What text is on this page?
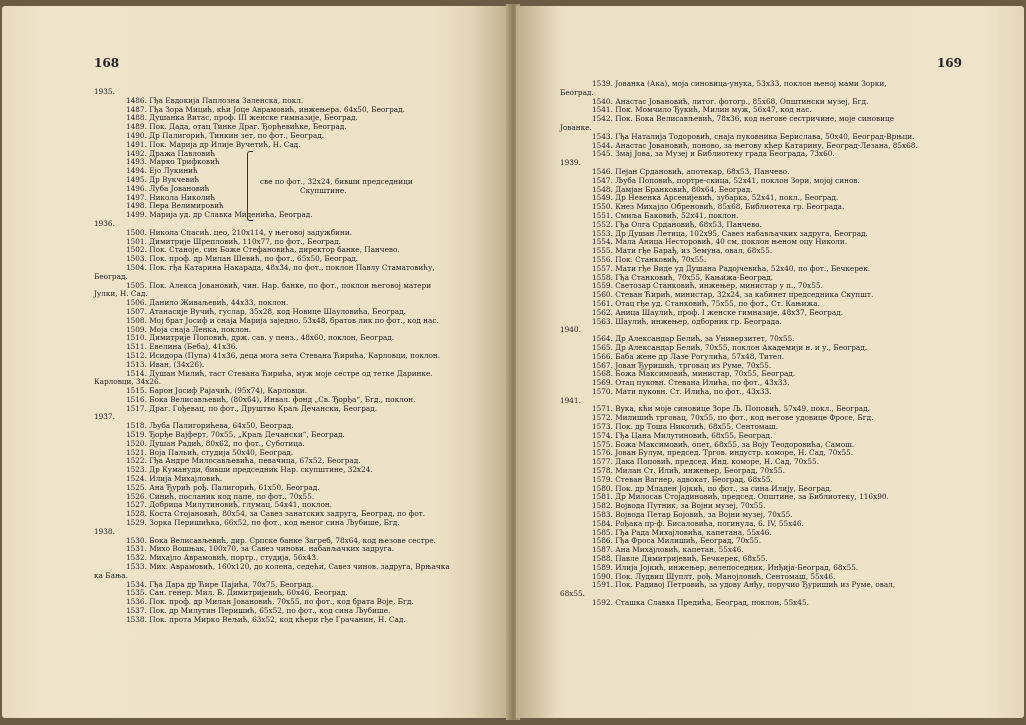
168
1935.
1486. Гђа Евдокија Паплозна Заленска, покл.
1487. Гђа Зора Мицић, кћи Јоце Аврамовић, инжењера. 64x50, Београд.
1488. Душанка Витас, проф. III женске гимназије, Београд.
1489. Пок. Дада, отац Тинке Драг. Ђорђевићке, Београд.
1490. Др Палигорић, Тинкин зет, по фот., Београд.
1491. Пок. Марија др Илије Вучетић, Н. Сад.
све по фот., 32x24, бивши председници
Скупштине.
1492. Дража Павловић
1493. Марко Трифковић
1494. Ејо Лукинић
1495. Др Вукчевић
1496. Луба Јовановић
1497. Никола Николић
1498. Пера Велимировић
1499. Марија уд. др Славка Миденића, Београд.
1936.
1500. Никола Спасић. цео, 210x114, у његовој задужбини.
1501. Димитрије Шрепловић, 110x77, по фот., Београд.
1502. Пок. Станоје, син Боже Стефановића, директор банке, Панчево.
1503. Пок. проф. др Милан Шевић, по фот., 65x50, Београд.
1504. Пок. гђа Катарина Накарада, 48x34, по фот., поклон Павлу Стаматовићу,
Београд.
1505. Пок. Алекса Јовановић, чин. Нар. банке, по фот., поклон његовој матери
Јулки, Н. Сад.
1506. Данило Живаљевић, 44x33, поклон.
1507. Атанасије Вучић, гуслар, 35x28, код Новице Шауловића, Београд.
1508. Мој брат Јосиф и снаја Марија заједно, 53x48, братов лик по фот., код нас.
1509. Моја снаја Ленка, поклон.
1510. Димитрије Поповић, држ. сав. у пенз., 48x60, поклон, Београд.
1511. Евелина (Беба), 41x36.
1512. Исидора (Пупа) 41x36, деца мога зета Стевана Ћирића, Карловци, поклон.
1513. Иван, (34x26).
1514. Душан Милић, таст Стевана Ћирића, муж моје сестре од тетке Даринке.
Карловци, 34x26.
1515. Барон Јосиф Рајачић, (95x74), Карловци.
1516. Бока Велисављевић, (80x64), Инвал. фонд „Св. Ђорђа“, Бгд., поклон.
1517. Драг. Гођевац, по фот., Друштво Краљ Дечански, Београд.
1937.
1518. Љуба Палигорићева, 64x50, Београд.
1519. Ђорђе Вајферт, 70x55, „Краљ Дечански“, Београд.
1520. Душан Радић, 80x62, по фот., Суботица.
1521. Воја Пальић, студија 50x40, Београд.
1522. Гђа Андре Милосављевића, певачица, 67x52, Београд.
1523. Др Кумануди, бивши председник Нар. скупштине, 32x24.
1524. Илија Михајловић.
1525. Ана Ђурић рођ. Палигорић, 61x50, Београд.
1526. Синић, посланик код папе, по фот., 70x55.
1527. Добрица Милутиновић, глумац, 54x41, поклон.
1528. Коста Стојановић, 80x54, за Савез занатских задруга, Београд, по фот.
1529. Зорка Перишићка, 66x52, по фот., код њеног сина Љубише, Бгд.
1938.
1530. Бока Велисављевић, дир. Српске банке Загреб, 78x64, код њезове сестре.
1531. Михо Вошњак, 100x70, за Савез чинови. набављачких задруга.
1532. Михајло Аврамовић, портр., студија, 56x43.
1533. Мих. Аврамовић, 160x120, до колена, седећи, Савез чинов. задруга, Врњачка
ка Бања.
1534. Гђа Дара др Ћире Пајића, 70x75, Београд.
1535. Сан. генер. Мил. Б. Димитријевић, 60x46, Београд.
1536. Пок. проф. др Милан Јовановић, 70x55, по фот., код брата Воје, Бгд.
1537. Пок. др Милутин Перишић, 65x52, по фот., код сина Љубише.
1538. Пок. прота Мирко Вељић, 63x52, код кћери гђе Грачанин, Н. Сад.
169
1539. Јованка (Ака), моја синовица-унука, 53x33, поклон њеној мами Зорки,
Београд.
1540. Анастас Јовановић, литог. фотогр., 85x68, Општински музеј, Бгд.
1541. Пок. Момчило Ђукић, Милин муж, 56x47, код нас.
1542. Пок. Бока Велисављевић, 78x36, код његове сестричине, моје синовице
Јованке.
1543. Гђа Наталија Тодоровић, снаја пуковника Бериславa, 50x40, Београд-Врњци.
1544. Анастас Јовановић, поново, за његову кћер Катарину, Београд-Лезана, 85x68.
1545. Змај Јова, за Музеј и Библиотеку града Београда, 73x60.
1939.
1546. Пејан Срдановић, апотекар, 68x53, Панчево.
1547. Љуба Поповић, портре-скица, 52x41, поклон Зори, мојој синов.
1548. Дамјан Бранковић, 80x64, Београд.
1549. Др Невенка Арсенијевић, зубарка, 52x41, покл., Београд.
1550. Кнез Михајло Обреновић, 85x68, Библиотека гр. Београда.
1551. Смиља Баковић, 52x41, поклон.
1552. Гђа Олга Срдановић, 68x53, Панчево.
1553. Др Душан Летица, 102x95, Савез набављачких задруга, Београд.
1554. Мала Аница Несторовић, 40 см, поклон њеном оцу Николи.
1555. Мати гђе Барађ, из Земуна, овал, 68x55.
1556. Пок. Станковић, 70x55.
1557. Мати гђе Виде уд Душана Радојчевића, 52x40, по фот., Бечкерек.
1558. Гђа Станковић, 70x55, Кањижа-Београд.
1559. Светозар Станковић, инжењер, министар у п., 70x55.
1560. Стеван Ћирић, министар, 32x24, за кабинет председника Скупшт.
1561. Отац гђе уд. Станковић, 75x55, по фот., Ст. Кањижа.
1562. Аница Шаулић, проф. I женске гимназије, 48x37, Београд.
1563. Шаулић, инжењер, одборник гр. Београда.
1940.
1564. Др Александар Белић, за Универзитет, 70x55.
1565. Др Александар Белић, 70x55, поклон Академији н. и у., Београд.
1566. Баба жене др Лазе Рогулића, 57x48, Тител.
1567. Јован Ђуришић, трговац из Руме, 70x55.
1568. Божа Максимовић, министар, 70x55, Београд.
1569. Отац пуковн. Стевана Илића, по фот., 43x33.
1570. Мати пуковн. Ст. Илића, по фот., 43x33.
1941.
1571. Вука, кћи моје синовице Зоре Љ. Поповић, 57x49, покл., Београд.
1572. Милишић трговац, 70x55, по фот., код његове удовице Фросе, Бгд.
1573. Пок. др Тоша Николић, 68x55, Сентомаш.
1574. Гђа Цана Милутиновић, 68x55, Београд.
1575. Божа Максимовић, опет, 68x55, за Воју Теодоровића, Самош.
1576. Јован Булум, председ. Тргов. индустр. коморе, Н. Сад, 70x55.
1577. Дака Поповић, председ. Инд. коморе, Н. Сад, 70x55.
1578. Милан Ст. Илић, инжењер, Београд, 70x55.
1579. Стеван Вагнер, адвокат, Београд, 68x55.
1580. Пок. др Младен Јојкић, по фот., за сина Илију, Београд.
1581. Др Милосав Стојадиновић, председ. Општине, за Библиотеку, 116x90.
1582. Војвода Путник, за Војни музеј, 70x55.
1583. Војвода Петар Бојовић, за Војни музеј, 70x55.
1584. Рођака пр-ф. Бисаловића, погинула, 6. IV, 55x46.
1585. Гђа Рада Михајловића, капетана, 55x46.
1586. Гђа Фроса Милишић, Београд, 70x55.
1587. Ана Михајловић, капетан, 55x46.
1588. Павле Димитријевић, Бечкерек, 68x55.
1589. Илија Јојкић, инжењер, велепоседник, Инђија-Београд, 68x55.
1590. Пок. Лудвиц Шуплт, рођ. Манојловић, Сентомаш, 55x46.
1591. Пок. Радивој Петровић, за удову Анђу, поручио Ђуришић из Руме, овал,
68x55.
1592. Сташка Славка Предића, Београд, поклон, 55x45.
